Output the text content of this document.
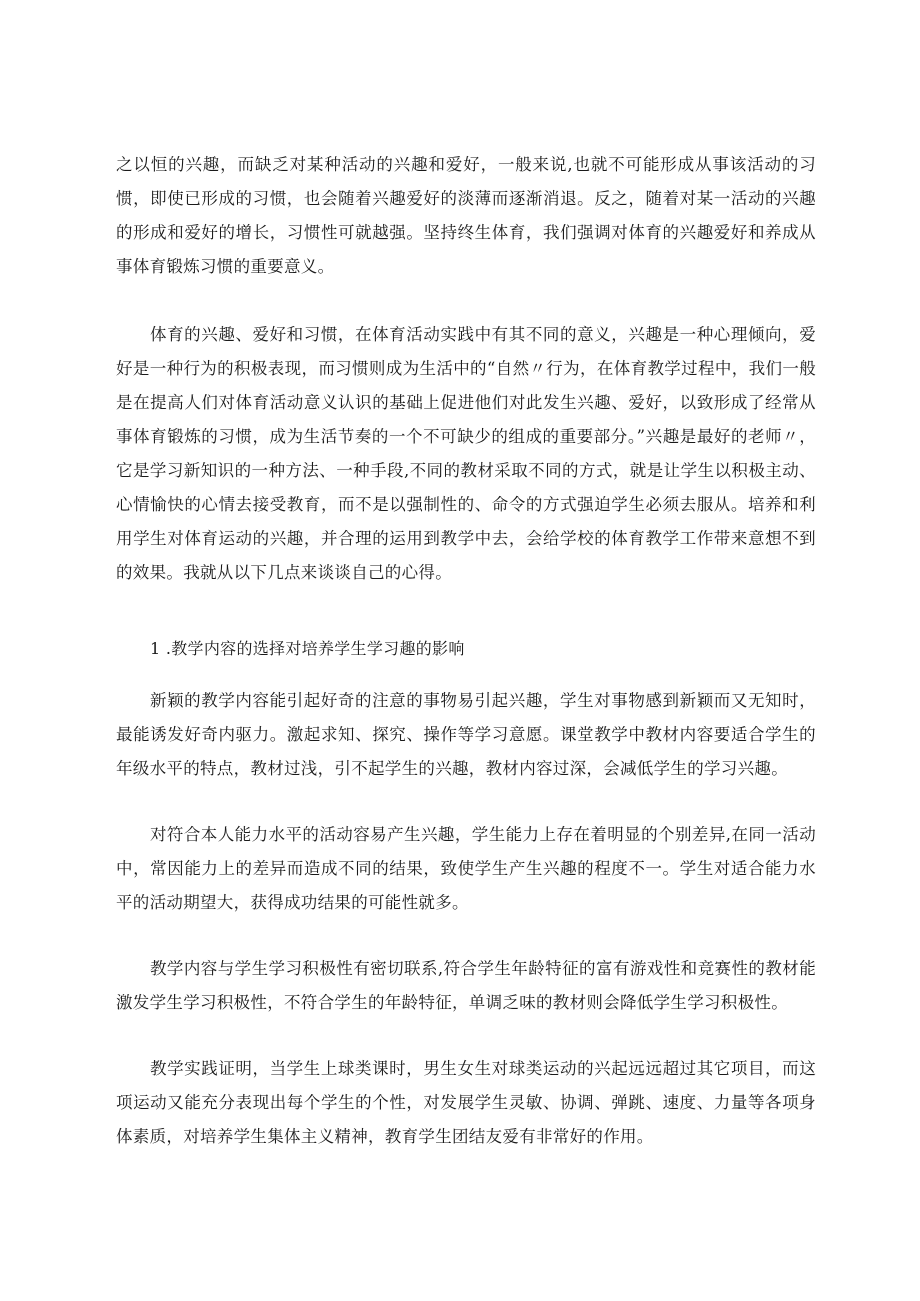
之以恒的兴趣，而缺乏对某种活动的兴趣和爱好，一般来说,也就不可能形成从事该活动的习惯，即使已形成的习惯，也会随着兴趣爱好的淡薄而逐渐消退。反之，随着对某一活动的兴趣的形成和爱好的增长，习惯性可就越强。坚持终生体育，我们强调对体育的兴趣爱好和养成从事体育锻炼习惯的重要意义。

体育的兴趣、爱好和习惯，在体育活动实践中有其不同的意义，兴趣是一种心理倾向，爱好是一种行为的积极表现，而习惯则成为生活中的“自然〃行为，在体育教学过程中，我们一般是在提高人们对体育活动意义认识的基础上促进他们对此发生兴趣、爱好，以致形成了经常从事体育锻炼的习惯，成为生活节奏的一个不可缺少的组成的重要部分。”兴趣是最好的老师〃，它是学习新知识的一种方法、一种手段,不同的教材采取不同的方式，就是让学生以积极主动、心情愉快的心情去接受教育，而不是以强制性的、命令的方式强迫学生必须去服从。培养和利用学生对体育运动的兴趣，并合理的运用到教学中去，会给学校的体育教学工作带来意想不到的效果。我就从以下几点来谈谈自己的心得。

1 .教学内容的选择对培养学生学习趣的影响

新颖的教学内容能引起好奇的注意的事物易引起兴趣，学生对事物感到新颖而又无知时，最能诱发好奇内驱力。激起求知、探究、操作等学习意愿。课堂教学中教材内容要适合学生的年级水平的特点，教材过浅，引不起学生的兴趣，教材内容过深，会减低学生的学习兴趣。

对符合本人能力水平的活动容易产生兴趣，学生能力上存在着明显的个别差异,在同一活动中，常因能力上的差异而造成不同的结果，致使学生产生兴趣的程度不一。学生对适合能力水平的活动期望大，获得成功结果的可能性就多。

教学内容与学生学习积极性有密切联系,符合学生年龄特征的富有游戏性和竞赛性的教材能激发学生学习积极性，不符合学生的年龄特征，单调乏味的教材则会降低学生学习积极性。

教学实践证明，当学生上球类课时，男生女生对球类运动的兴起远远超过其它项目，而这项运动又能充分表现出每个学生的个性，对发展学生灵敏、协调、弹跳、速度、力量等各项身体素质，对培养学生集体主义精神，教育学生团结友爱有非常好的作用。
